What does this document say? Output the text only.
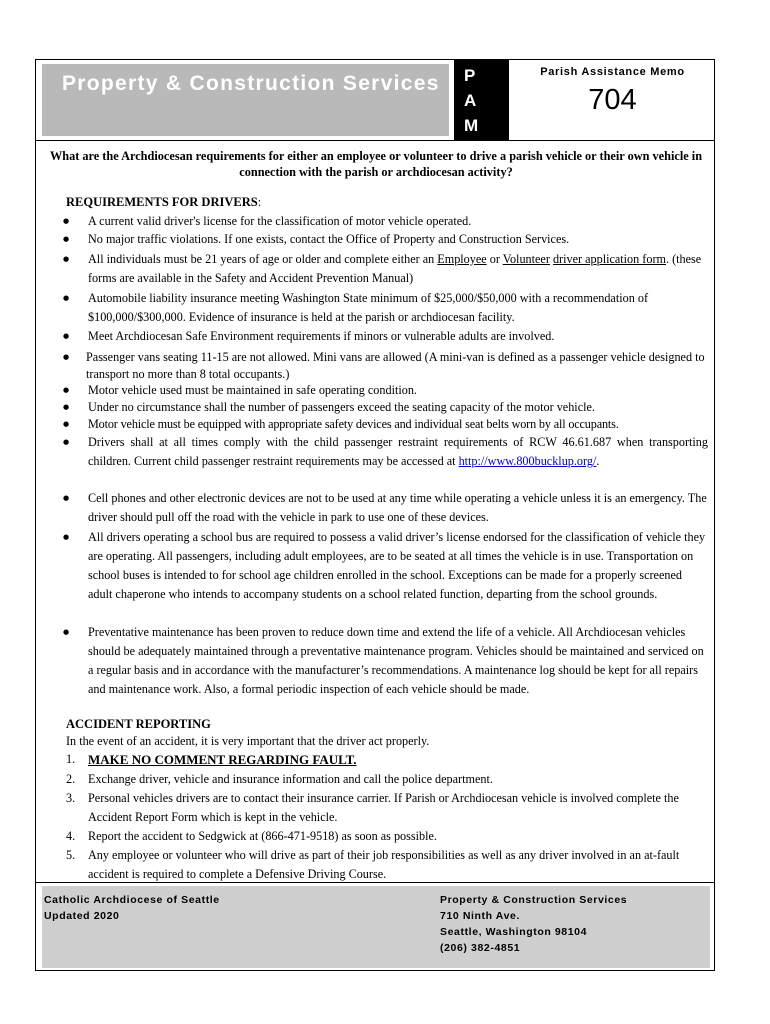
Property & Construction Services P
A
M
Parish Assistance Memo
704
What are the Archdiocesan requirements for either an employee or volunteer to drive a parish vehicle or their own vehicle in connection with the parish or archdiocesan activity?
REQUIREMENTS FOR DRIVERS:
●	A current valid driver's license for the classification of motor vehicle operated.
●	No major traffic violations. If one exists, contact the Office of Property and Construction Services.
●	All individuals must be 21 years of age or older and complete either an Employee or Volunteer driver application form. (these forms are available in the Safety and Accident Prevention Manual)
●	Automobile liability insurance meeting Washington State minimum of $25,000/$50,000 with a recommendation of $100,000/$300,000. Evidence of insurance is held at the parish or archdiocesan facility.
●	Meet Archdiocesan Safe Environment requirements if minors or vulnerable adults are involved.
●	Passenger vans seating 11-15 are not allowed. Mini vans are allowed (A mini-van is defined as a passenger vehicle designed to transport no more than 8 total occupants.)
●	Motor vehicle used must be maintained in safe operating condition.
●	Under no circumstance shall the number of passengers exceed the seating capacity of the motor vehicle.
●	Motor vehicle must be equipped with appropriate safety devices and individual seat belts worn by all occupants.
●	Drivers shall at all times comply with the child passenger restraint requirements of RCW 46.61.687 when transporting children. Current child passenger restraint requirements may be accessed at http://www.800bucklup.org/.
●	Cell phones and other electronic devices are not to be used at any time while operating a vehicle unless it is an emergency. The driver should pull off the road with the vehicle in park to use one of these devices.
●	All drivers operating a school bus are required to possess a valid driver’s license endorsed for the classification of vehicle they are operating. All passengers, including adult employees, are to be seated at all times the vehicle is in use. Transportation on school buses is intended to for school age children enrolled in the school. Exceptions can be made for a properly screened adult chaperone who intends to accompany students on a school related function, departing from the school grounds.
●	Preventative maintenance has been proven to reduce down time and extend the life of a vehicle. All Archdiocesan vehicles should be adequately maintained through a preventative maintenance program. Vehicles should be maintained and serviced on a regular basis and in accordance with the manufacturer’s recommendations. A maintenance log should be kept for all repairs and maintenance work. Also, a formal periodic inspection of each vehicle should be made.
ACCIDENT REPORTING
In the event of an accident, it is very important that the driver act properly.
1. MAKE NO COMMENT REGARDING FAULT.
2.	Exchange driver, vehicle and insurance information and call the police department.
3.	Personal vehicles drivers are to contact their insurance carrier. If Parish or Archdiocesan vehicle is involved complete the Accident Report Form which is kept in the vehicle.
4.	Report the accident to Sedgwick at (866-471-9518) as soon as possible.
5.	Any employee or volunteer who will drive as part of their job responsibilities as well as any driver involved in an at-fault accident is required to complete a Defensive Driving Course.
Catholic Archdiocese of Seattle
Updated 2020
Property & Construction Services
710 Ninth Ave.
Seattle, Washington 98104
(206) 382-4851
